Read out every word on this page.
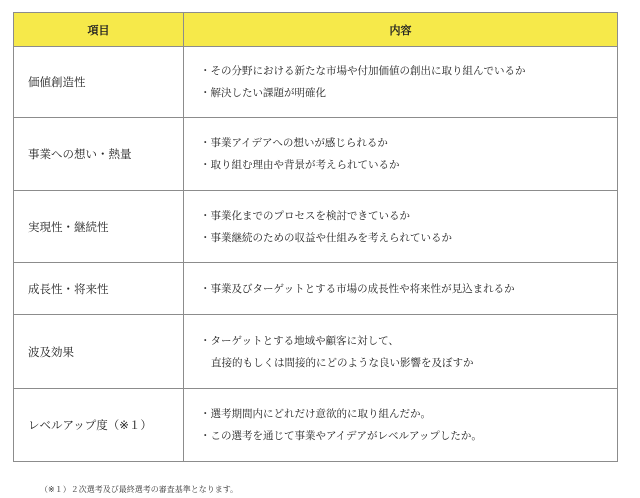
項目	内容
価値創造性	・その分野における新たな市場や付加価値の創出に取り組んでいるか
・解決したい課題が明確化

事業への想い・熱量	・事業アイデアへの想いが感じられるか
・取り組む理由や背景が考えられているか

実現性・継続性	・事業化までのプロセスを検討できているか
・事業継続のための収益や仕組みを考えられているか

成長性・将来性	・事業及びターゲットとする市場の成長性や将来性が見込まれるか

波及効果	・ターゲットとする地域や顧客に対して、
直接的もしくは間接的にどのような良い影響を及ぼすか

レベルアップ度（※１）	・選考期間内にどれだけ意欲的に取り組んだか。
・この選考を通じて事業やアイデアがレベルアップしたか。
（※１）２次選考及び最終選考の審査基準となります。
